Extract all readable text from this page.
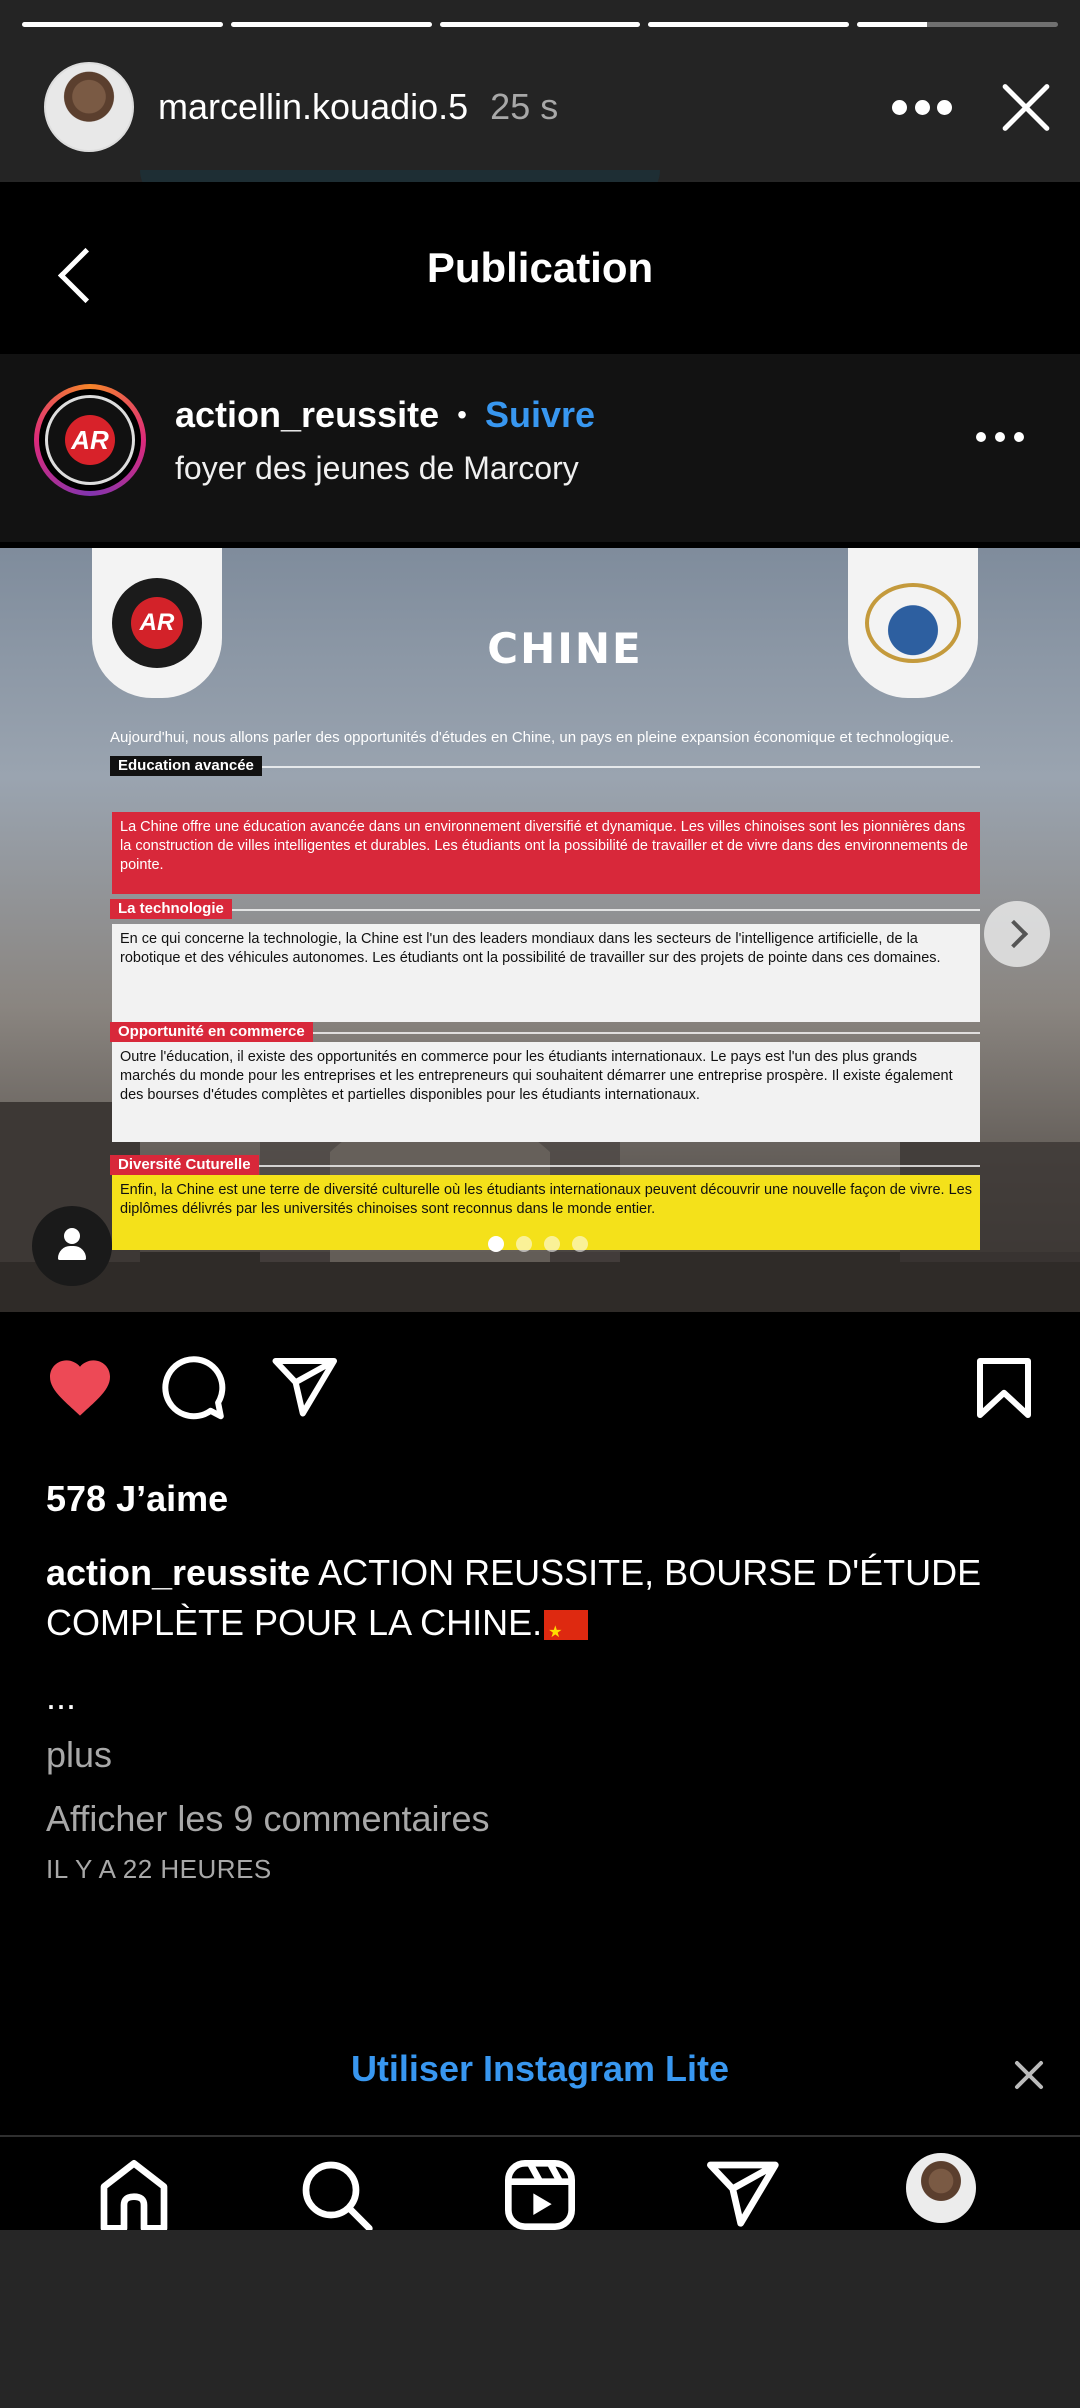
marcellin.kouadio.5 25 s
Publication
AR
action_reussite • Suivre
foyer des jeunes de Marcory
AR
CHINE
Aujourd'hui, nous allons parler des opportunités d'études en Chine, un pays en pleine expansion économique et technologique.
Education avancée
La Chine offre une éducation avancée dans un environnement diversifié et dynamique. Les villes chinoises sont les pionnières dans la construction de villes intelligentes et durables. Les étudiants ont la possibilité de travailler et de vivre dans des environnements de pointe.
La technologie
En ce qui concerne la technologie, la Chine est l'un des leaders mondiaux dans les secteurs de l'intelligence artificielle, de la robotique et des véhicules autonomes. Les étudiants ont la possibilité de travailler sur des projets de pointe dans ces domaines.
Opportunité en commerce
Outre l'éducation, il existe des opportunités en commerce pour les étudiants internationaux. Le pays est l'un des plus grands marchés du monde pour les entreprises et les entrepreneurs qui souhaitent démarrer une entreprise prospère. Il existe également des bourses d'études complètes et partielles disponibles pour les étudiants internationaux.
Diversité Cuturelle
Enfin, la Chine est une terre de diversité culturelle où les étudiants internationaux peuvent découvrir une nouvelle façon de vivre. Les diplômes délivrés par les universités chinoises sont reconnus dans le monde entier.
578 J’aime
action_reussite ACTION REUSSITE, BOURSE D'ÉTUDE COMPLÈTE POUR LA CHINE.★
...
plus
Afficher les 9 commentaires
IL Y A 22 HEURES
Utiliser Instagram Lite
